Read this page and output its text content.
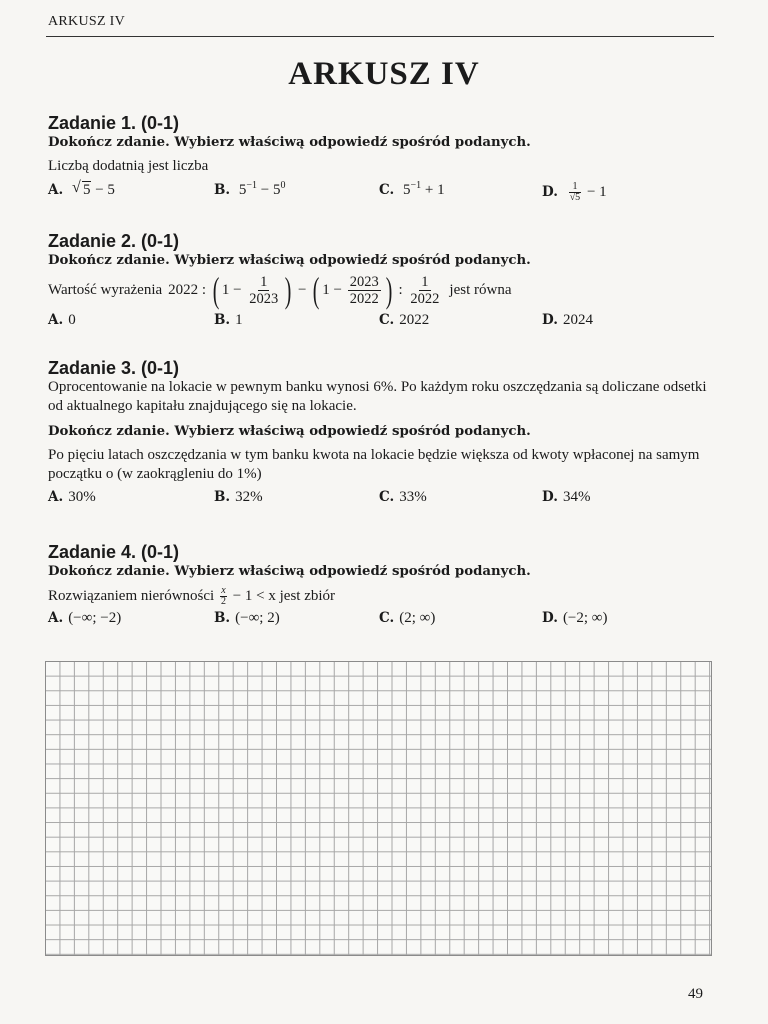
ARKUSZ IV
ARKUSZ IV
Zadanie 1. (0-1)
Dokończ zdanie. Wybierz właściwą odpowiedź spośród podanych.
Liczbą dodatnią jest liczba
A. √ 5 − 5	B. $5^{-1} - 5^0$	C. $5^{-1} + 1$	D. $\frac{1}{√5} - 1$
Zadanie 2. (0-1)
Dokończ zdanie. Wybierz właściwą odpowiedź spośród podanych.
Wartość wyrażenia 2022 : ( $1 - \frac{1}{2023}$ ) − ( $1 - \frac{2023}{2022}$ ) : $\frac{1}{2022}$ jest równa
A. 0	B. 1	C. 2022	D. 2024
Zadanie 3. (0-1)
Oprocentowanie na lokacie w pewnym banku wynosi 6%. Po każdym roku oszczędzania są doliczane odsetki od aktualnego kapitału znajdującego się na lokacie.
Dokończ zdanie. Wybierz właściwą odpowiedź spośród podanych.
Po pięciu latach oszczędzania w tym banku kwota na lokacie będzie większa od kwoty wpłaconej na samym początku o (w zaokrągleniu do 1%)
A. 30%	B. 32%	C. 33%	D. 34%
Zadanie 4. (0-1)
Dokończ zdanie. Wybierz właściwą odpowiedź spośród podanych.
Rozwiązaniem nierówności $\frac{x}{2} - 1 < x$ jest zbiór
A. (−∞; −2)	B. (−∞; 2)	C. (2; ∞)	D. (−2; ∞)
49
